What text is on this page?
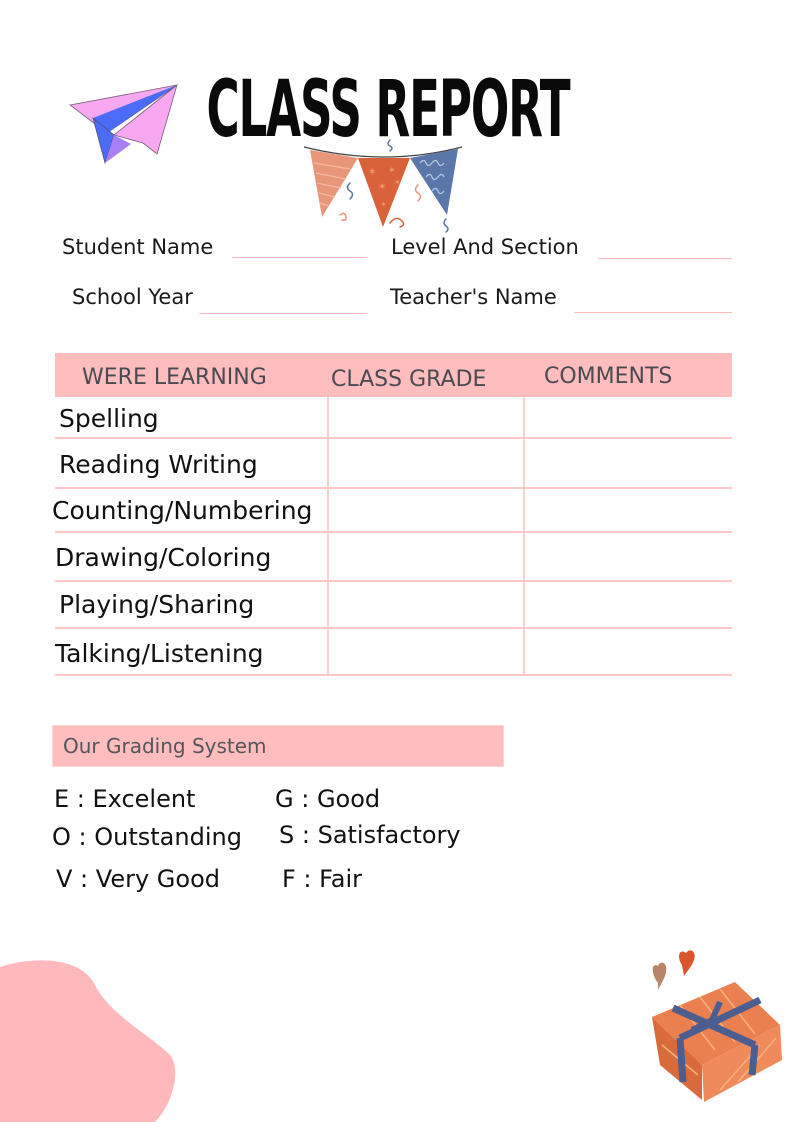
CLASS REPORT
✶ ✶
✶ ✶
✶
Student Name	Level And Section
School Year	Teacher's Name
WERE LEARNING	CLASS GRADE	COMMENTS
Spelling
Reading Writing
Counting/Numbering
Drawing/Coloring
Playing/Sharing
Talking/Listening
Our Grading System
E : Excelent	G : Good
O : Outstanding S : Satisfactory
V : Very Good	F : Fair
